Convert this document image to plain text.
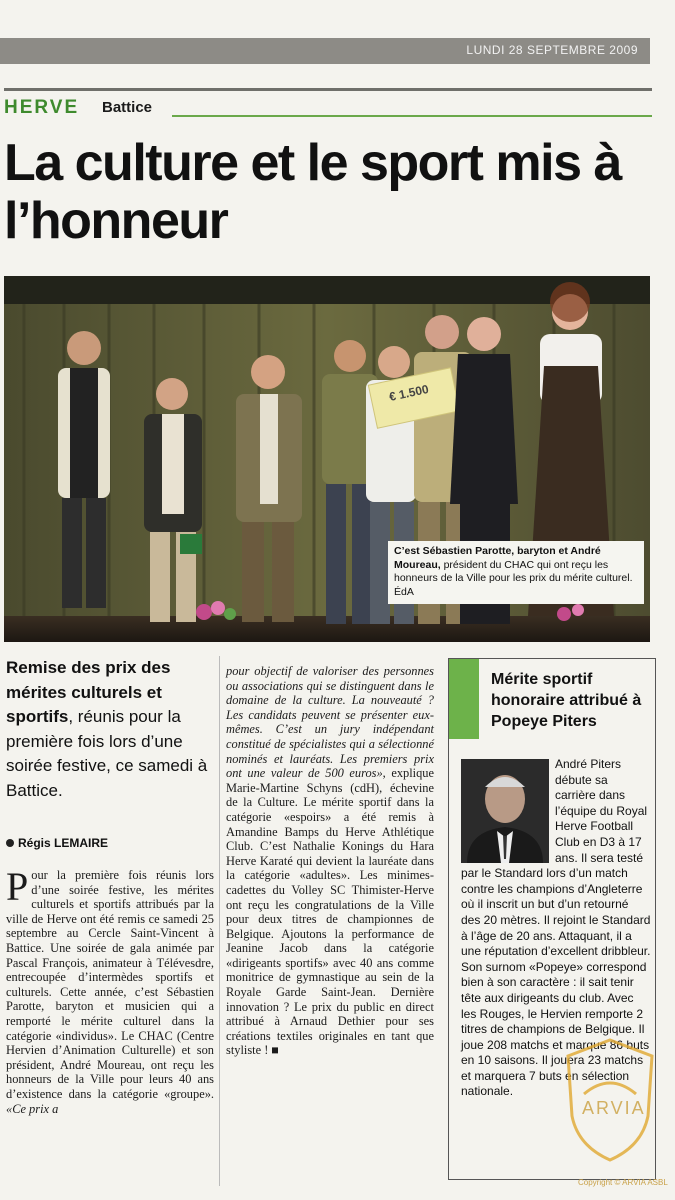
LUNDI 28 SEPTEMBRE 2009
HERVE Battice
La culture et le sport mis à l’honneur
€ 1.500
C’est Sébastien Parotte, baryton et André Moureau, président du CHAC qui ont reçu les honneurs de la Ville pour les prix du mérite culturel. ÉdA
Remise des prix des mérites culturels et sportifs, réunis pour la première fois lors d’une soirée festive, ce samedi à Battice.
Régis LEMAIRE

Pour la première fois réunis lors d’une soirée festive, les mérites culturels et sportifs attribués par la ville de Herve ont été remis ce samedi 25 septembre au Cercle Saint-Vincent à Battice. Une soirée de gala animée par Pascal François, animateur à Télévesdre, entrecoupée d’intermèdes sportifs et culturels. Cette année, c’est Sébastien Parotte, baryton et musicien qui a remporté le mérite culturel dans la catégorie «individus». Le CHAC (Centre Hervien d’Animation Culturelle) et son président, André Moureau, ont reçu les honneurs de la Ville pour leurs 40 ans d’existence dans la catégorie «groupe». «Ce prix a

pour objectif de valoriser des personnes ou associations qui se distinguent dans le domaine de la culture. La nouveauté ? Les candidats peuvent se présenter eux-mêmes. C’est un jury indépendant constitué de spécialistes qui a sélectionné nominés et lauréats. Les premiers prix ont une valeur de 500 euros», explique Marie-Martine Schyns (cdH), échevine de la Culture. Le mérite sportif dans la catégorie «espoirs» a été remis à Amandine Bamps du Herve Athlétique Club. C’est Nathalie Konings du Hara Herve Karaté qui devient la lauréate dans la catégorie «adultes». Les minimes-cadettes du Volley SC Thimister-Herve ont reçu les congratulations de la Ville pour deux titres de championnes de Belgique. Ajoutons la performance de Jeanine Jacob dans la catégorie «dirigeants sportifs» avec 40 ans comme monitrice de gymnastique au sein de la Royale Garde Saint-Jean. Dernière innovation ? Le prix du public en direct attribué à Arnaud Dethier pour ses créations textiles originales en tant que styliste ! ■

Mérite sportif honoraire attribué à Popeye Piters
André Piters débute sa carrière dans l’équipe du Royal Herve Football Club en D3 à 17 ans. Il sera testé par le Standard lors d’un match contre les champions d’Angleterre où il inscrit un but d’un retourné des 20 mètres. Il rejoint le Standard à l’âge de 20 ans. Attaquant, il a une réputation d’excellent dribbleur. Son surnom «Popeye» correspond bien à son caractère : il sait tenir tête aux dirigeants du club. Avec les Rouges, le Hervien remporte 2 titres de champions de Belgique. Il joue 208 matchs et marque 86 buts en 10 saisons. Il jouera 23 matchs et marquera 7 buts en sélection nationale.
ARVIA
Copyright © ARVIA ASBL
